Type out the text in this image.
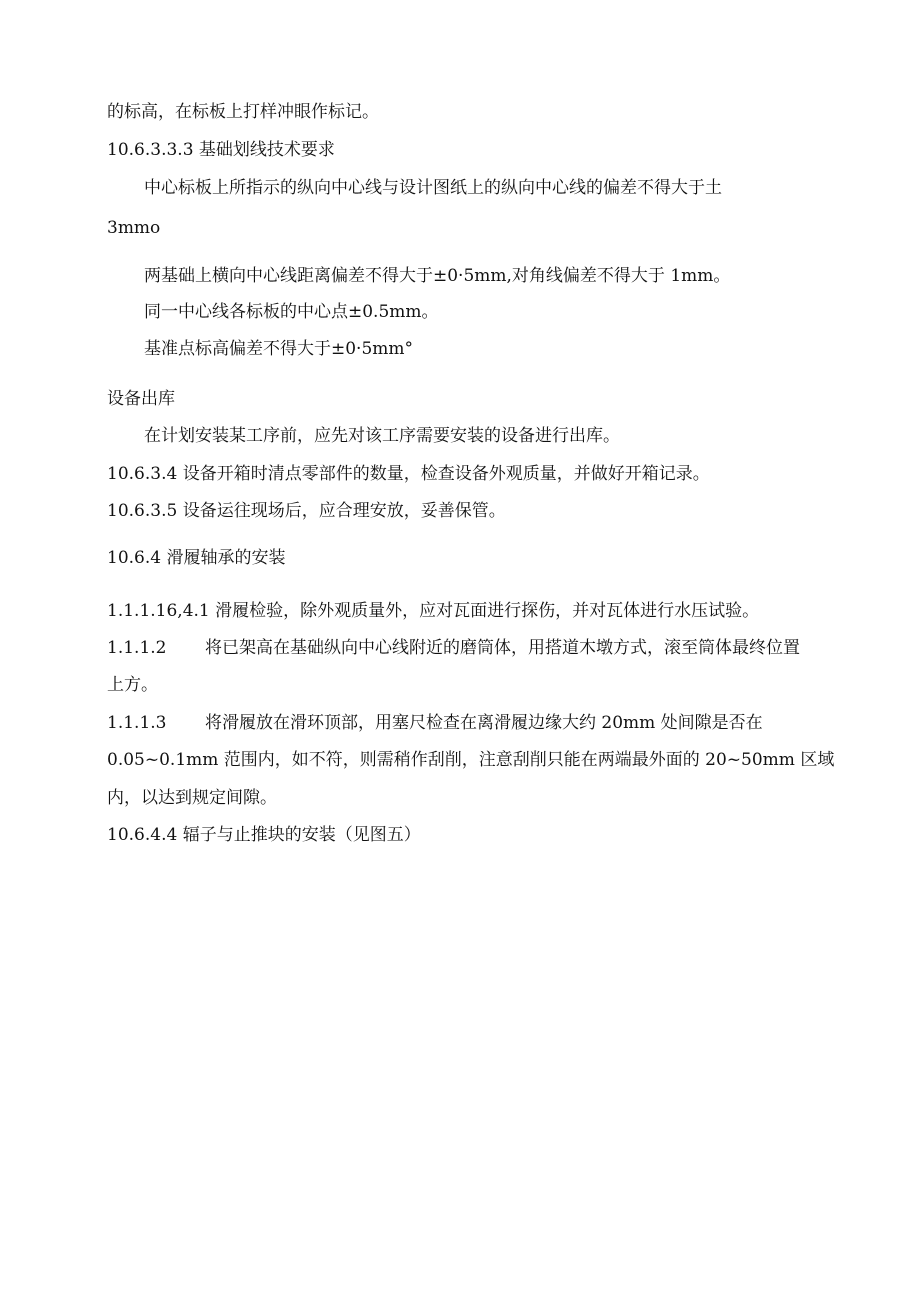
的标高，在标板上打样冲眼作标记。
10.6.3.3.3 基础划线技术要求
中心标板上所指示的纵向中心线与设计图纸上的纵向中心线的偏差不得大于土
3mmo
两基础上横向中心线距离偏差不得大于±0·5mm,对角线偏差不得大于 1mm。
同一中心线各标板的中心点±0.5mm。
基准点标高偏差不得大于±0·5mm°
设备出库
在计划安装某工序前，应先对该工序需要安装的设备进行出库。
10.6.3.4 设备开箱时清点零部件的数量，检查设备外观质量，并做好开箱记录。
10.6.3.5 设备运往现场后，应合理安放，妥善保管。
10.6.4 滑履轴承的安装
1.1.1.16,4.1 滑履检验，除外观质量外，应对瓦面进行探伤，并对瓦体进行水压试验。
1.1.1.2 将已架高在基础纵向中心线附近的磨筒体，用搭道木墩方式，滚至筒体最终位置
上方。
1.1.1.3 将滑履放在滑环顶部，用塞尺检查在离滑履边缘大约 20mm 处间隙是否在
0.05~0.1mm 范围内，如不符，则需稍作刮削，注意刮削只能在两端最外面的 20~50mm 区域
内，以达到规定间隙。
10.6.4.4 辐子与止推块的安装（见图五）
